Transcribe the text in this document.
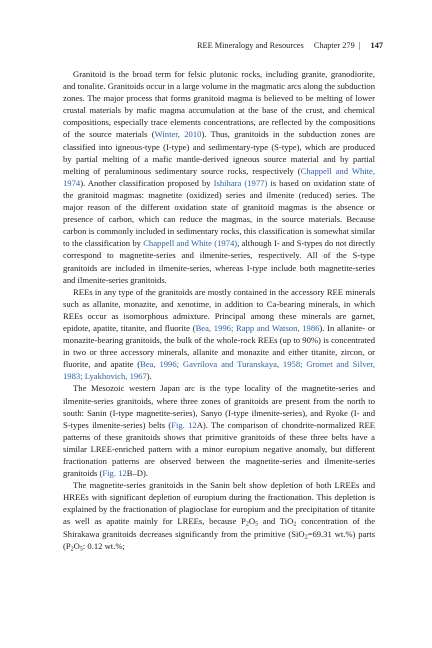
REE Mineralogy and Resources Chapter 279 | 147

Granitoid is the broad term for felsic plutonic rocks, including granite, granodiorite, and tonalite. Granitoids occur in a large volume in the magmatic arcs along the subduction zones. The major process that forms granitoid magma is believed to be melting of lower crustal materials by mafic magma accumulation at the base of the crust, and chemical compositions, especially trace elements concentrations, are reflected by the compositions of the source materials (Winter, 2010). Thus, granitoids in the subduction zones are classified into igneous-type (I-type) and sedimentary-type (S-type), which are produced by partial melting of a mafic mantle-derived igneous source material and by partial melting of peraluminous sedimentary source rocks, respectively (Chappell and White, 1974). Another classification proposed by Ishihara (1977) is based on oxidation state of the granitoid magmas: magnetite (oxidized) series and ilmenite (reduced) series. The major reason of the different oxidation state of granitoid magmas is the absence or presence of carbon, which can reduce the magmas, in the source materials. Because carbon is commonly included in sedimentary rocks, this classification is somewhat similar to the classification by Chappell and White (1974), although I- and S-types do not directly correspond to magnetite-series and ilmenite-series, respectively. All of the S-type granitoids are included in ilmenite-series, whereas I-type include both magnetite-series and ilmenite-series granitoids.

REEs in any type of the granitoids are mostly contained in the accessory REE minerals such as allanite, monazite, and xenotime, in addition to Ca-bearing minerals, in which REEs occur as isomorphous admixture. Principal among these minerals are garnet, epidote, apatite, titanite, and fluorite (Bea, 1996; Rapp and Watson, 1986). In allanite- or monazite-bearing granitoids, the bulk of the whole-rock REEs (up to 90%) is concentrated in two or three accessory minerals, allanite and monazite and either titanite, zircon, or fluorite, and apatite (Bea, 1996; Gavrilova and Turanskaya, 1958; Gromet and Silver, 1983; Lyakhovich, 1967).

The Mesozoic western Japan arc is the type locality of the magnetite-series and ilmenite-series granitoids, where three zones of granitoids are present from the north to south: Sanin (I-type magnetite-series), Sanyo (I-type ilmenite-series), and Ryoke (I- and S-types ilmenite-series) belts (Fig. 12A). The comparison of chondrite-normalized REE patterns of these granitoids shows that primitive granitoids of these three belts have a similar LREE-enriched pattern with a minor europium negative anomaly, but different fractionation patterns are observed between the magnetite-series and ilmenite-series granitoids (Fig. 12B–D).

The magnetite-series granitoids in the Sanin belt show depletion of both LREEs and HREEs with significant depletion of europium during the fractionation. This depletion is explained by the fractionation of plagioclase for europium and the precipitation of titanite as well as apatite mainly for LREEs, because $P_2O_5$ and TiO$_2$ concentration of the Shirakawa granitoids decreases significantly from the primitive (SiO$_2$=69.31 wt.%) parts ($P_2O_5$: 0.12 wt.%;
